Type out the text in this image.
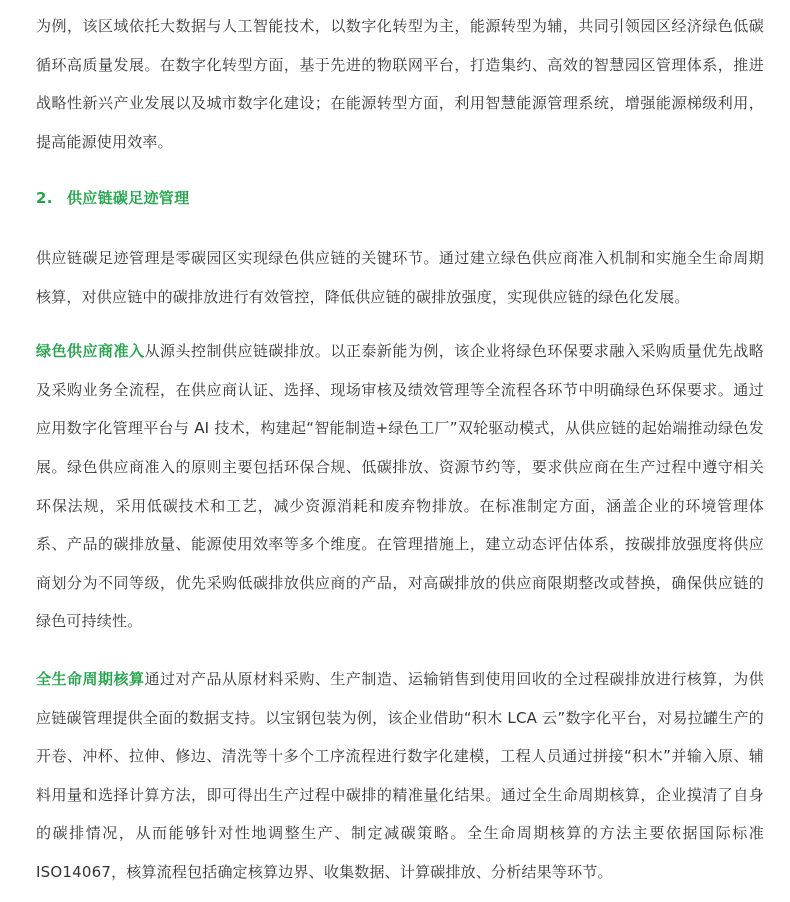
为例，该区域依托大数据与人工智能技术，以数字化转型为主，能源转型为辅，共同引领园区经济绿色低碳循环高质量发展。在数字化转型方面，基于先进的物联网平台，打造集约、高效的智慧园区管理体系，推进战略性新兴产业发展以及城市数字化建设；在能源转型方面，利用智慧能源管理系统，增强能源梯级利用，提高能源使用效率。

2. 供应链碳足迹管理

供应链碳足迹管理是零碳园区实现绿色供应链的关键环节。通过建立绿色供应商准入机制和实施全生命周期核算，对供应链中的碳排放进行有效管控，降低供应链的碳排放强度，实现供应链的绿色化发展。

绿色供应商准入从源头控制供应链碳排放。以正泰新能为例，该企业将绿色环保要求融入采购质量优先战略及采购业务全流程，在供应商认证、选择、现场审核及绩效管理等全流程各环节中明确绿色环保要求。通过应用数字化管理平台与 AI 技术，构建起“智能制造+绿色工厂”双轮驱动模式，从供应链的起始端推动绿色发展。绿色供应商准入的原则主要包括环保合规、低碳排放、资源节约等，要求供应商在生产过程中遵守相关环保法规，采用低碳技术和工艺，减少资源消耗和废弃物排放。在标准制定方面，涵盖企业的环境管理体系、产品的碳排放量、能源使用效率等多个维度。在管理措施上，建立动态评估体系，按碳排放强度将供应商划分为不同等级，优先采购低碳排放供应商的产品，对高碳排放的供应商限期整改或替换，确保供应链的绿色可持续性。

全生命周期核算通过对产品从原材料采购、生产制造、运输销售到使用回收的全过程碳排放进行核算，为供应链碳管理提供全面的数据支持。以宝钢包装为例，该企业借助“积木 LCA 云”数字化平台，对易拉罐生产的开卷、冲杯、拉伸、修边、清洗等十多个工序流程进行数字化建模，工程人员通过拼接“积木”并输入原、辅料用量和选择计算方法，即可得出生产过程中碳排的精准量化结果。通过全生命周期核算，企业摸清了自身的碳排情况，从而能够针对性地调整生产、制定减碳策略。全生命周期核算的方法主要依据国际标准 ISO14067，核算流程包括确定核算边界、收集数据、计算碳排放、分析结果等环节。
